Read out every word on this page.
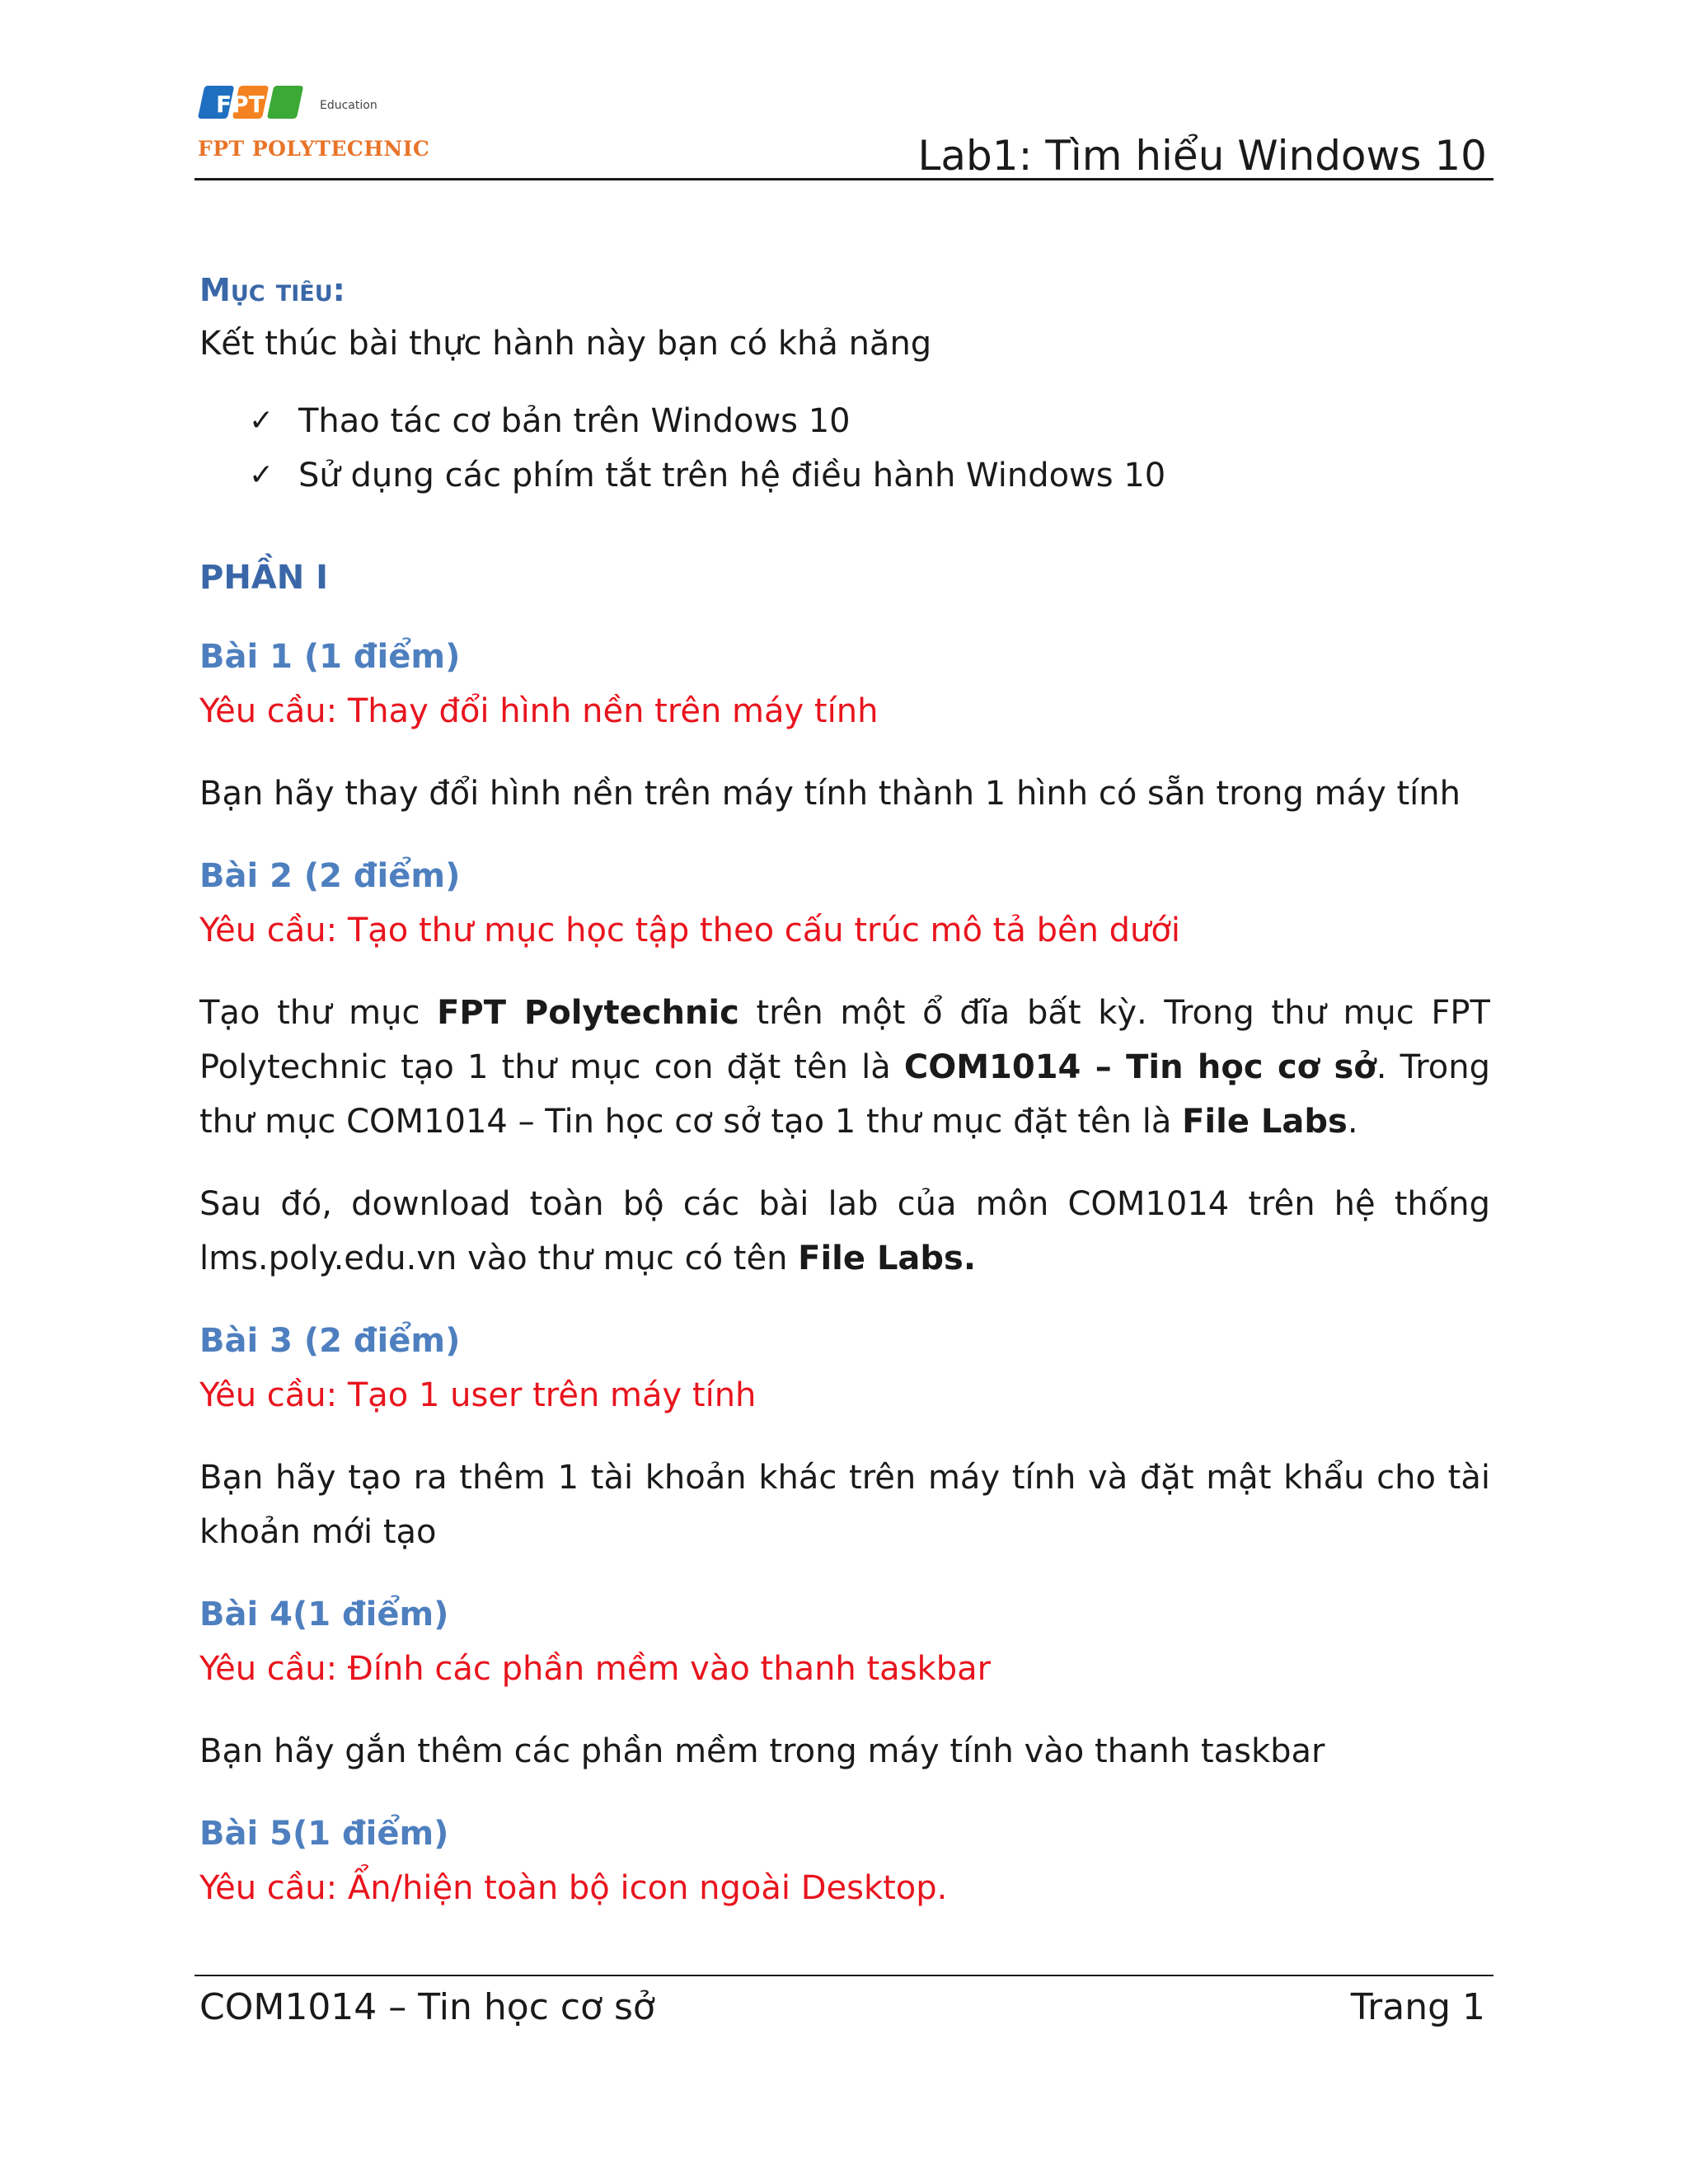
FPT	Education
FPT POLYTECHNIC	Lab1: Tìm hiểu Windows 10

Mục tiêu:

Kết thúc bài thực hành này bạn có khả năng

✓ Thao tác cơ bản trên Windows 10
✓ Sử dụng các phím tắt trên hệ điều hành Windows 10

PHẦN I

Bài 1 (1 điểm)

Yêu cầu: Thay đổi hình nền trên máy tính

Bạn hãy thay đổi hình nền trên máy tính thành 1 hình có sẵn trong máy tính

Bài 2 (2 điểm)

Yêu cầu: Tạo thư mục học tập theo cấu trúc mô tả bên dưới

Tạo thư mục FPT Polytechnic trên một ổ đĩa bất kỳ. Trong thư mục FPT Polytechnic tạo 1 thư mục con đặt tên là COM1014 – Tin học cơ sở. Trong thư mục COM1014 – Tin học cơ sở tạo 1 thư mục đặt tên là File Labs.

Sau đó, download toàn bộ các bài lab của môn COM1014 trên hệ thống lms.poly.edu.vn vào thư mục có tên File Labs.

Bài 3 (2 điểm)

Yêu cầu: Tạo 1 user trên máy tính

Bạn hãy tạo ra thêm 1 tài khoản khác trên máy tính và đặt mật khẩu cho tài khoản mới tạo

Bài 4(1 điểm)

Yêu cầu: Đính các phần mềm vào thanh taskbar

Bạn hãy gắn thêm các phần mềm trong máy tính vào thanh taskbar

Bài 5(1 điểm)

Yêu cầu: Ẩn/hiện toàn bộ icon ngoài Desktop.

COM1014 – Tin học cơ sở	Trang 1
